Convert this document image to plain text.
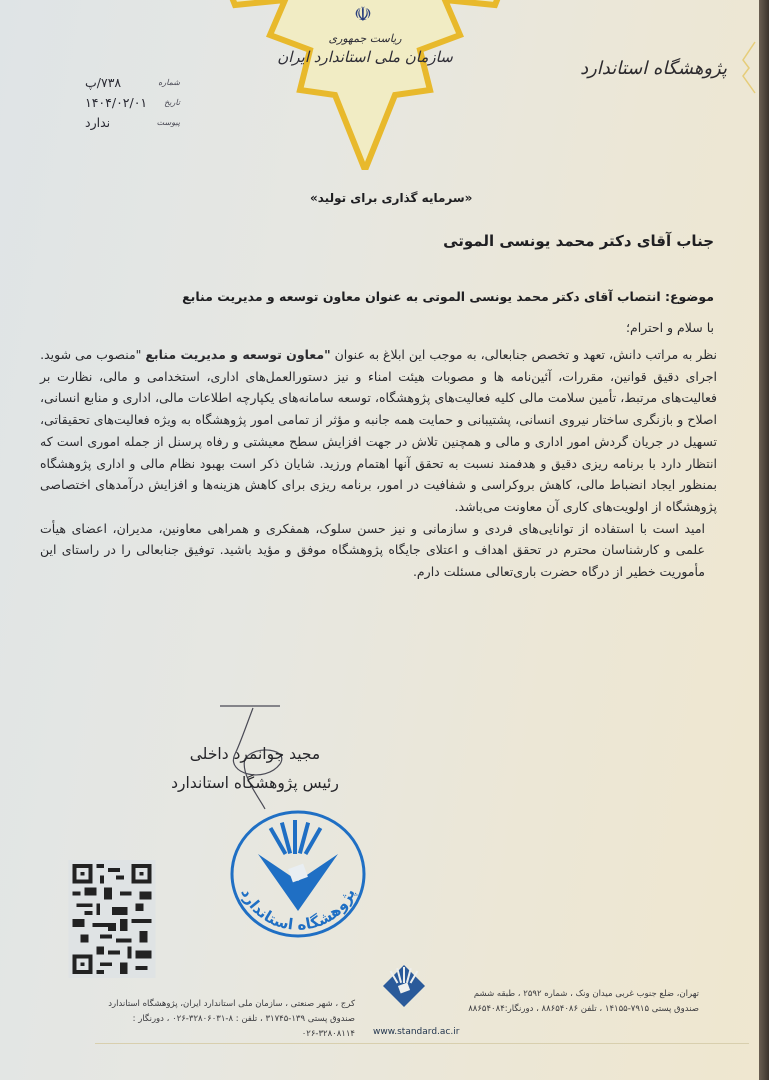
☫
ریاست جمهوری
سازمان ملی استاندارد ایران
پژوهشگاه استاندارد
شماره
۷۳۸/پ
تاریخ
۱۴۰۴/۰۲/۰۱
پیوست
ندارد
«سرمایه گذاری برای تولید»
جناب آقای دکتر محمد یونسی الموتی
موضوع: انتصاب آقای دکتر محمد یونسی الموتی به عنوان معاون توسعه و مدیریت منابع
با سلام و احترام؛

نظر به مراتب دانش، تعهد و تخصص جنابعالی، به موجب این ابلاغ به عنوان "معاون توسعه و مدیریت منابع "منصوب می شوید.

اجرای دقیق قوانین، مقررات، آئین‌نامه ها و مصوبات هیئت امناء و نیز دستورالعمل‌های اداری، استخدامی و مالی، نظارت بر فعالیت‌های مرتبط، تأمین سلامت مالی کلیه فعالیت‌های پژوهشگاه، توسعه سامانه‌های یکپارچه اطلاعات مالی، اداری و منابع انسانی، اصلاح و بازنگری ساختار نیروی انسانی، پشتیبانی و حمایت همه جانبه و مؤثر از تمامی امور پژوهشگاه به ویژه فعالیت‌های تحقیقاتی، تسهیل در جریان گردش امور اداری و مالی و همچنین تلاش در جهت افزایش سطح معیشتی و رفاه پرسنل از جمله اموری است که انتظار دارد با برنامه ریزی دقیق و هدفمند نسبت به تحقق آنها اهتمام ورزید. شایان ذکر است بهبود نظام مالی و اداری پژوهشگاه بمنظور ایجاد انضباط مالی، کاهش بروکراسی و شفافیت در امور، برنامه ریزی برای کاهش هزینه‌ها و افزایش درآمدهای اختصاصی پژوهشگاه از اولویت‌های کاری آن معاونت می‌باشد.

امید است با استفاده از توانایی‌های فردی و سازمانی و نیز حسن سلوک، همفکری و همراهی معاونین، مدیران، اعضای هیأت علمی و کارشناسان محترم در تحقق اهداف و اعتلای جایگاه پژوهشگاه موفق و مؤید باشید. توفیق جنابعالی را در راستای این مأموریت خطیر از درگاه حضرت باری‌تعالی مسئلت دارم.

مجید جوانمرد داخلی
رئیس پژوهشگاه استاندارد
پژوهشگاه استاندارد
تهران، ضلع جنوب غربی میدان ونک ، شماره ۲۵۹۲ ، طبقه ششم
صندوق پستی ۷۹۱۵-۱۴۱۵۵ ، تلفن ۸۸۶۵۴۰۸۶ ، دورنگار:۸۸۶۵۴۰۸۴
کرج ، شهر صنعتی ، سازمان ملی استاندارد ایران، پژوهشگاه استاندارد
صندوق پستی ۱۳۹-۳۱۷۴۵ ، تلفن : ۸-۳۲۸۰۶۰۳۱-۰۲۶ ، دورنگار : ۳۲۸۰۸۱۱۴-۰۲۶ www.standard.ac.ir
